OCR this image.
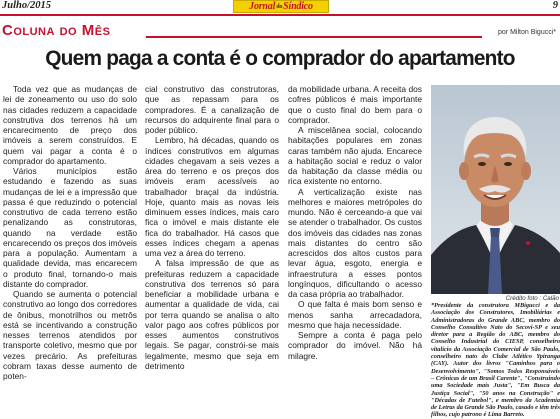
Julho/2015	Jornal do Síndico	9
Coluna do Mês	por Milton Bigucci*
Quem paga a conta é o comprador do apartamento

Toda vez que as mudanças de lei de zoneamento ou uso do solo nas cidades reduzem a capacidade construtiva dos terrenos há um encarecimento de preço dos imóveis a serem construídos. E quem vai pagar a conta é o comprador do apartamento.

Vários municípios estão estudando e fazendo as suas mudanças de lei e a impressão que passa é que reduzindo o potencial construtivo de cada terreno estão penalizando as construtoras, quando na verdade estão encarecendo os preços dos imóveis para a população. Aumentam a qualidade devida, mas encarecem o produto final, tornando-o mais distante do comprador.

Quando se aumenta o potencial construtivo ao longo dos corredores de ônibus, monotrilhos ou metrôs está se incentivando a construção nesses terrenos atendidos por transporte coletivo, mesmo que por vezes precário. As prefeituras cobram taxas desse aumento de poten-

cial construtivo das construtoras, que as repassam para os compradores. É a canalização de recursos do adquirente final para o poder público.

Lembro, há décadas, quando os índices construtivos em algumas cidades chegavam a seis vezes a área do terreno e os preços dos imóveis eram acessíveis ao trabalhador braçal da indústria. Hoje, quanto mais as novas leis diminuem esses índices, mais caro fica o imóvel e mais distante ele fica do trabalhador. Há casos que esses índices chegam a apenas uma vez a área do terreno.

A falsa impressão de que as prefeituras reduzem a capacidade construtiva dos terrenos só para beneficiar a mobilidade urbana e aumentar a qualidade de vida, cai por terra quando se analisa o alto valor pago aos cofres públicos por esses aumentos construtivos legais. Se pagar, constrói-se mais legalmente, mesmo que seja em detrimento

da mobilidade urbana. A receita dos cofres públicos é mais importante que o custo final do bem para o comprador.

A miscelânea social, colocando habitações populares em zonas caras também não ajuda. Encarece a habitação social e reduz o valor da habitação da classe média ou rica existente no entorno.

A verticalização existe nas melhores e maiores metrópoles do mundo. Não é cerceando-a que vai se atender o trabalhador. Os custos dos imóveis das cidades nas zonas mais distantes do centro são acrescidos dos altos custos para levar água, esgoto, energia e infraestrutura a esses pontos longínquos, dificultando o acesso da casa própria ao trabalhador.

O que falta é mais bom senso e menos sanha arrecadadora, mesmo que haja necessidade.

Sempre a conta é paga pelo comprador do imóvel. Não há milagre.

Crédito foto : Calão
*Presidente da construtora MBigucci e da Associação dos Construtores, Imobiliárias e Administradoras do Grande ABC, membro do Conselho Consultivo Nato do Secovi-SP e seu diretor para a Região do ABC, membro do Conselho Industrial do CIESP, conselheiro vitalício da Associação Comercial de São Paulo, conselheiro nato do Clube Atlético Ypiranga (CAY). Autor dos livros "Caminhos para o Desenvolvimento", "Somos Todos Responsáveis – Crônicas de um Brasil Carente", "Construindo uma Sociedade mais Justa", "Em Busca da Justiça Social", "50 anos na Construção" e "Décadas de Futebol", e membro da Academia de Letras da Grande São Paulo, casado e têm três filhos, cujo patrono é Lima Barreto.
